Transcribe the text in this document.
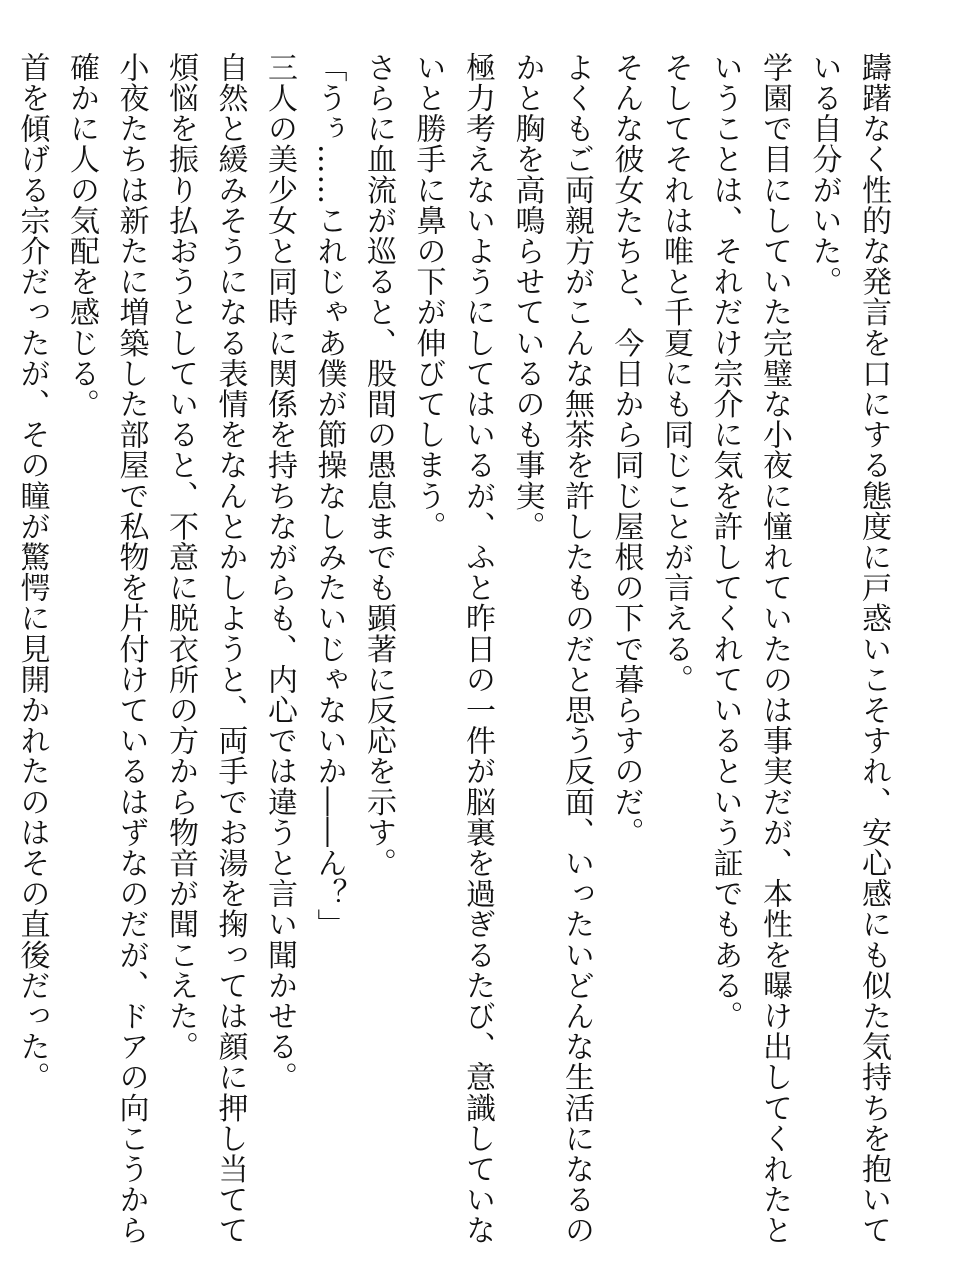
躊躇なく性的な発言を口にする態度に戸惑いこそすれ、安心感にも似た気持ちを抱いて
いる自分がいた。
学園で目にしていた完璧な小夜に憧れていたのは事実だが、本性を曝け出してくれたと
いうことは、それだけ宗介に気を許してくれているという証でもある。
そしてそれは唯と千夏にも同じことが言える。
そんな彼女たちと、今日から同じ屋根の下で暮らすのだ。
よくもご両親方がこんな無茶を許したものだと思う反面、いったいどんな生活になるの
かと胸を高鳴らせているのも事実。
極力考えないようにしてはいるが、ふと昨日の一件が脳裏を過ぎるたび、意識していな
いと勝手に鼻の下が伸びてしまう。
さらに血流が巡ると、股間の愚息までも顕著に反応を示す。
「うぅ……これじゃあ僕が節操なしみたいじゃないか――ん？」
三人の美少女と同時に関係を持ちながらも、内心では違うと言い聞かせる。
自然と緩みそうになる表情をなんとかしようと、両手でお湯を掬っては顔に押し当てて
煩悩を振り払おうとしていると、不意に脱衣所の方から物音が聞こえた。
小夜たちは新たに増築した部屋で私物を片付けているはずなのだが、ドアの向こうから
確かに人の気配を感じる。
首を傾げる宗介だったが、その瞳が驚愕に見開かれたのはその直後だった。
